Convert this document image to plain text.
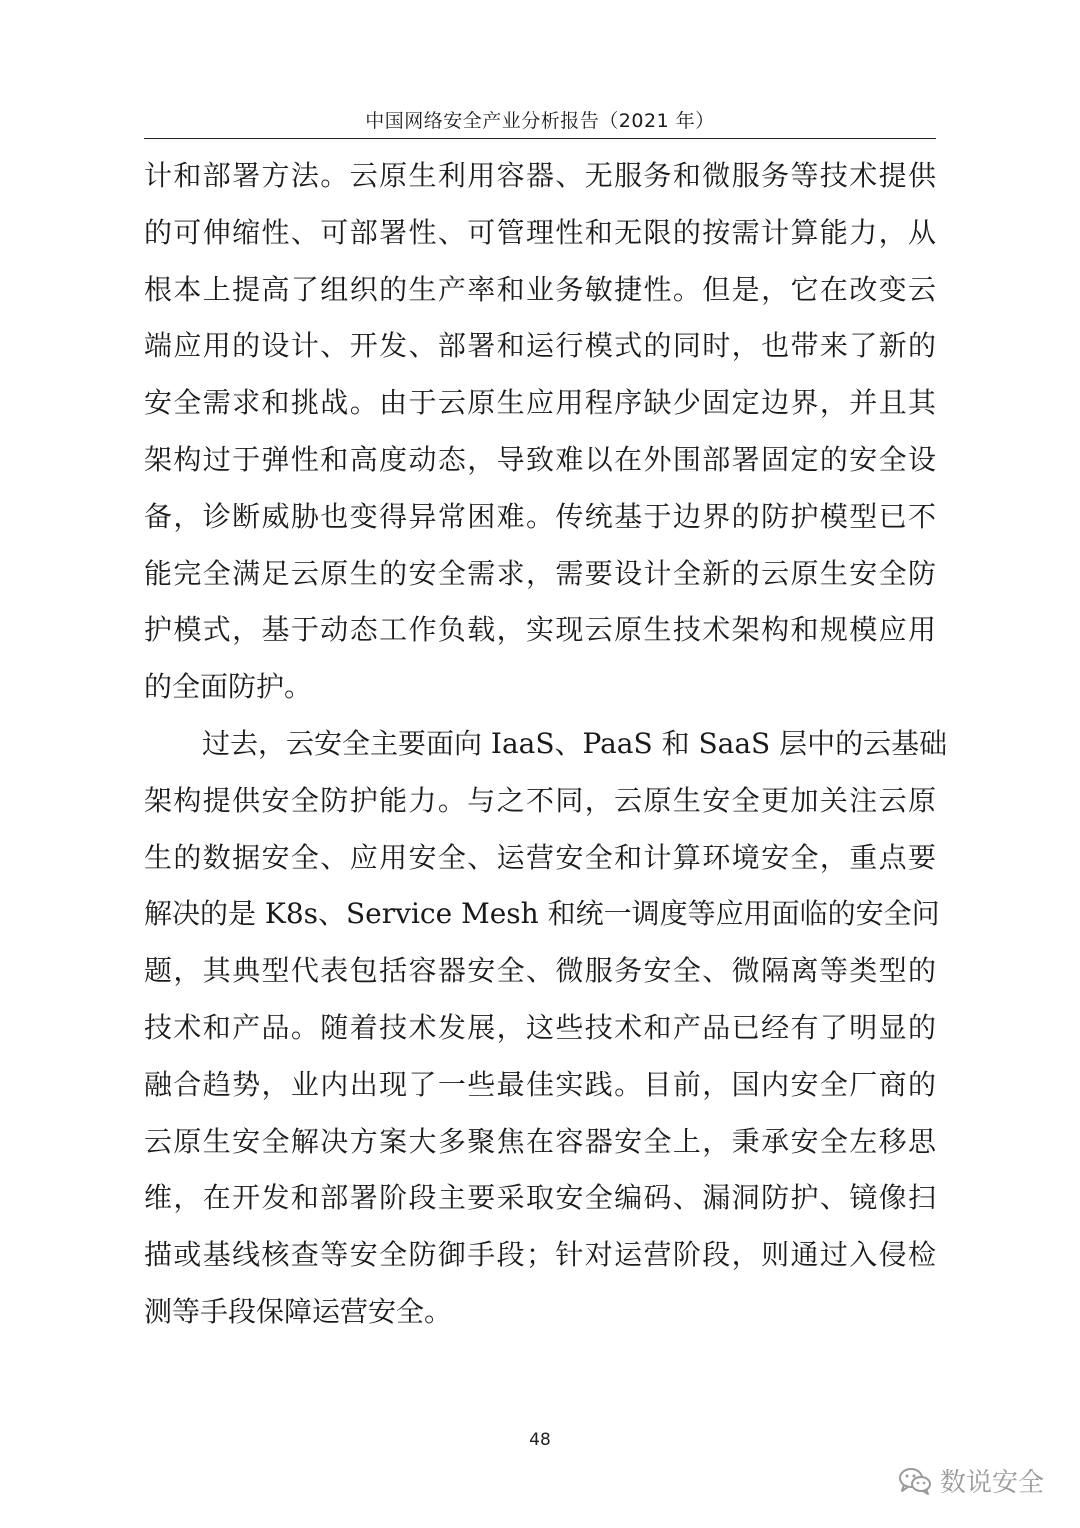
中国网络安全产业分析报告（2021 年）
计和部署方法。云原生利用容器、无服务和微服务等技术提供
的可伸缩性、可部署性、可管理性和无限的按需计算能力，从
根本上提高了组织的生产率和业务敏捷性。但是，它在改变云
端应用的设计、开发、部署和运行模式的同时，也带来了新的
安全需求和挑战。由于云原生应用程序缺少固定边界，并且其
架构过于弹性和高度动态，导致难以在外围部署固定的安全设
备，诊断威胁也变得异常困难。传统基于边界的防护模型已不
能完全满足云原生的安全需求，需要设计全新的云原生安全防
护模式，基于动态工作负载，实现云原生技术架构和规模应用
的全面防护。
过去，云安全主要面向 IaaS、PaaS 和 SaaS 层中的云基础
架构提供安全防护能力。与之不同，云原生安全更加关注云原
生的数据安全、应用安全、运营安全和计算环境安全，重点要
解决的是 K8s、Service Mesh 和统一调度等应用面临的安全问
题，其典型代表包括容器安全、微服务安全、微隔离等类型的
技术和产品。随着技术发展，这些技术和产品已经有了明显的
融合趋势，业内出现了一些最佳实践。目前，国内安全厂商的
云原生安全解决方案大多聚焦在容器安全上，秉承安全左移思
维，在开发和部署阶段主要采取安全编码、漏洞防护、镜像扫
描或基线核查等安全防御手段；针对运营阶段，则通过入侵检
测等手段保障运营安全。
48
数说安全
